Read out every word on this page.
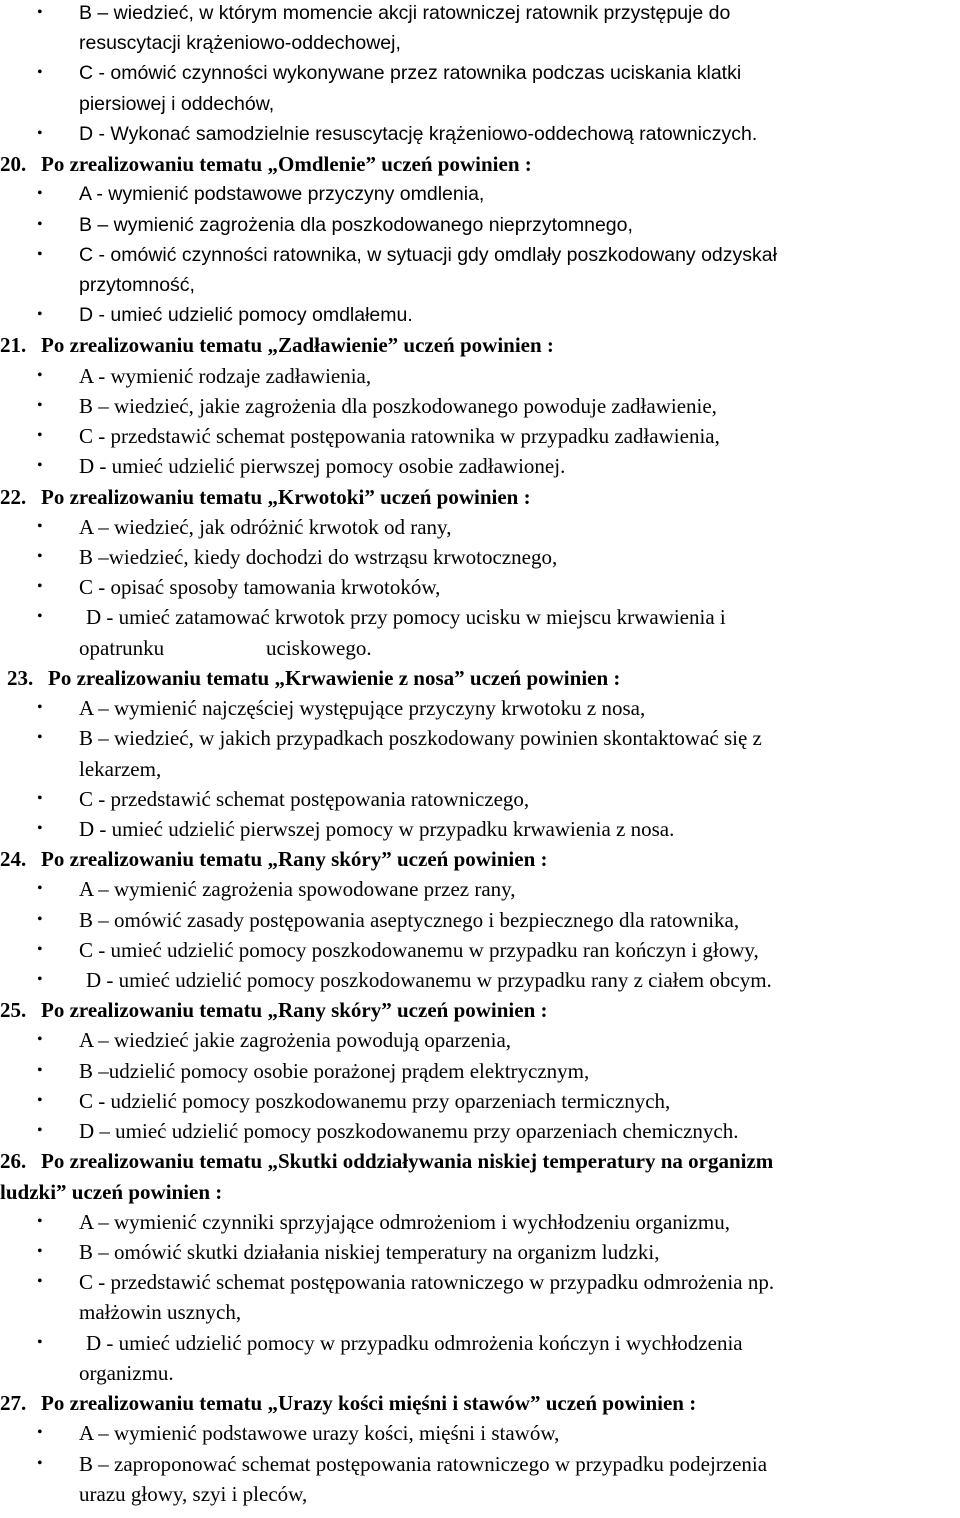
• B – wiedzieć, w którym momencie akcji ratowniczej ratownik przystępuje do
resuscytacji krążeniowo-oddechowej,
• C - omówić czynności wykonywane przez ratownika podczas uciskania klatki
piersiowej i oddechów,
• D - Wykonać samodzielnie resuscytację krążeniowo-oddechową ratowniczych.
20. Po zrealizowaniu tematu „Omdlenie” uczeń powinien :
• A - wymienić podstawowe przyczyny omdlenia,
• B – wymienić zagrożenia dla poszkodowanego nieprzytomnego,
• C - omówić czynności ratownika, w sytuacji gdy omdlały poszkodowany odzyskał
przytomność,
• D - umieć udzielić pomocy omdlałemu.
21. Po zrealizowaniu tematu „Zadławienie” uczeń powinien :
• A - wymienić rodzaje zadławienia,
• B – wiedzieć, jakie zagrożenia dla poszkodowanego powoduje zadławienie,
• C - przedstawić schemat postępowania ratownika w przypadku zadławienia,
• D - umieć udzielić pierwszej pomocy osobie zadławionej.
22. Po zrealizowaniu tematu „Krwotoki” uczeń powinien :
• A – wiedzieć, jak odróżnić krwotok od rany,
• B –wiedzieć, kiedy dochodzi do wstrząsu krwotocznego,
• C - opisać sposoby tamowania krwotoków,
• D - umieć zatamować krwotok przy pomocy ucisku w miejscu krwawienia i
opatrunku	uciskowego.
23. Po zrealizowaniu tematu „Krwawienie z nosa” uczeń powinien :
• A – wymienić najczęściej występujące przyczyny krwotoku z nosa,
• B – wiedzieć, w jakich przypadkach poszkodowany powinien skontaktować się z
lekarzem,
• C - przedstawić schemat postępowania ratowniczego,
• D - umieć udzielić pierwszej pomocy w przypadku krwawienia z nosa.
24. Po zrealizowaniu tematu „Rany skóry” uczeń powinien :
• A – wymienić zagrożenia spowodowane przez rany,
• B – omówić zasady postępowania aseptycznego i bezpiecznego dla ratownika,
• C - umieć udzielić pomocy poszkodowanemu w przypadku ran kończyn i głowy,
• D - umieć udzielić pomocy poszkodowanemu w przypadku rany z ciałem obcym.
25. Po zrealizowaniu tematu „Rany skóry” uczeń powinien :
• A – wiedzieć jakie zagrożenia powodują oparzenia,
• B –udzielić pomocy osobie porażonej prądem elektrycznym,
• C - udzielić pomocy poszkodowanemu przy oparzeniach termicznych,
• D – umieć udzielić pomocy poszkodowanemu przy oparzeniach chemicznych.
26. Po zrealizowaniu tematu „Skutki oddziaływania niskiej temperatury na organizm
ludzki” uczeń powinien :
• A – wymienić czynniki sprzyjające odmrożeniom i wychłodzeniu organizmu,
• B – omówić skutki działania niskiej temperatury na organizm ludzki,
• C - przedstawić schemat postępowania ratowniczego w przypadku odmrożenia np.
małżowin usznych,
• D - umieć udzielić pomocy w przypadku odmrożenia kończyn i wychłodzenia
organizmu.
27. Po zrealizowaniu tematu „Urazy kości mięśni i stawów” uczeń powinien :
• A – wymienić podstawowe urazy kości, mięśni i stawów,
• B – zaproponować schemat postępowania ratowniczego w przypadku podejrzenia
urazu głowy, szyi i pleców,
